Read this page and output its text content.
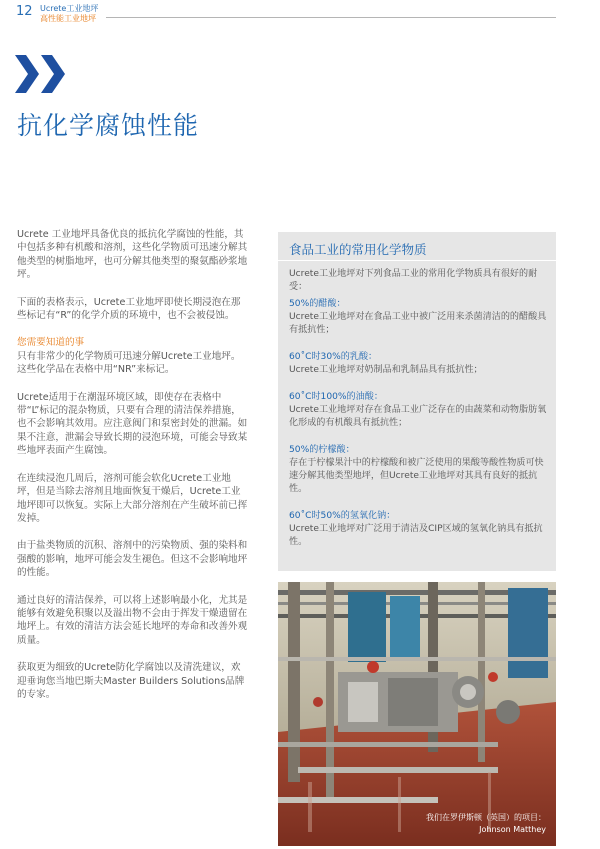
12 Ucrete工业地坪
高性能工业地坪
抗化学腐蚀性能

Ucrete 工业地坪具备优良的抵抗化学腐蚀的性能，其中包括多种有机酸和溶剂，这些化学物质可迅速分解其他类型的树脂地坪，也可分解其他类型的聚氨酯砂浆地坪。

下面的表格表示，Ucrete工业地坪即使长期浸泡在那些标记有“R”的化学介质的环境中，也不会被侵蚀。

您需要知道的事

只有非常少的化学物质可迅速分解Ucrete工业地坪。这些化学品在表格中用“NR”来标记。

Ucrete适用于在潮湿环境区域，即使存在表格中带“L”标记的混杂物质，只要有合理的清洁保养措施，也不会影响其效用。应注意阀门和泵密封处的泄漏。如果不注意，泄漏会导致长期的浸泡环境，可能会导致某些地坪表面产生腐蚀。

在连续浸泡几周后，溶剂可能会软化Ucrete工业地坪，但是当除去溶剂且地面恢复干燥后，Ucrete工业地坪即可以恢复。实际上大部分溶剂在产生破坏前已挥发掉。

由于盐类物质的沉积、溶剂中的污染物质、强的染料和强酸的影响，地坪可能会发生褪色。但这不会影响地坪的性能。

通过良好的清洁保养，可以将上述影响最小化，尤其是能够有效避免积聚以及溢出物不会由于挥发干燥遗留在地坪上。有效的清洁方法会延长地坪的寿命和改善外观质量。

获取更为细致的Ucrete防化学腐蚀以及清洗建议，欢迎垂询您当地巴斯夫Master Builders Solutions品牌的专家。

食品工业的常用化学物质
Ucrete工业地坪对下列食品工业的常用化学物质具有很好的耐受：
50%的醋酸：
Ucrete工业地坪对在食品工业中被广泛用来杀菌清洁的的醋酸具有抵抗性；
60˚C时30%的乳酸：
Ucrete工业地坪对奶制品和乳制品具有抵抗性；
60˚C时100%的油酸：
Ucrete工业地坪对存在食品工业广泛存在的由蔬菜和动物脂肪氧化形成的有机酸具有抵抗性；
50%的柠檬酸：
存在于柠檬果汁中的柠檬酸和被广泛使用的果酸等酸性物质可快速分解其他类型地坪，但Ucrete工业地坪对其具有良好的抵抗性。
60˚C时50%的氢氧化钠：
Ucrete工业地坪对广泛用于清洁及CIP区域的氢氧化钠具有抵抗性。
我们在罗伊斯顿（英国）的项目：
Johnson Matthey
